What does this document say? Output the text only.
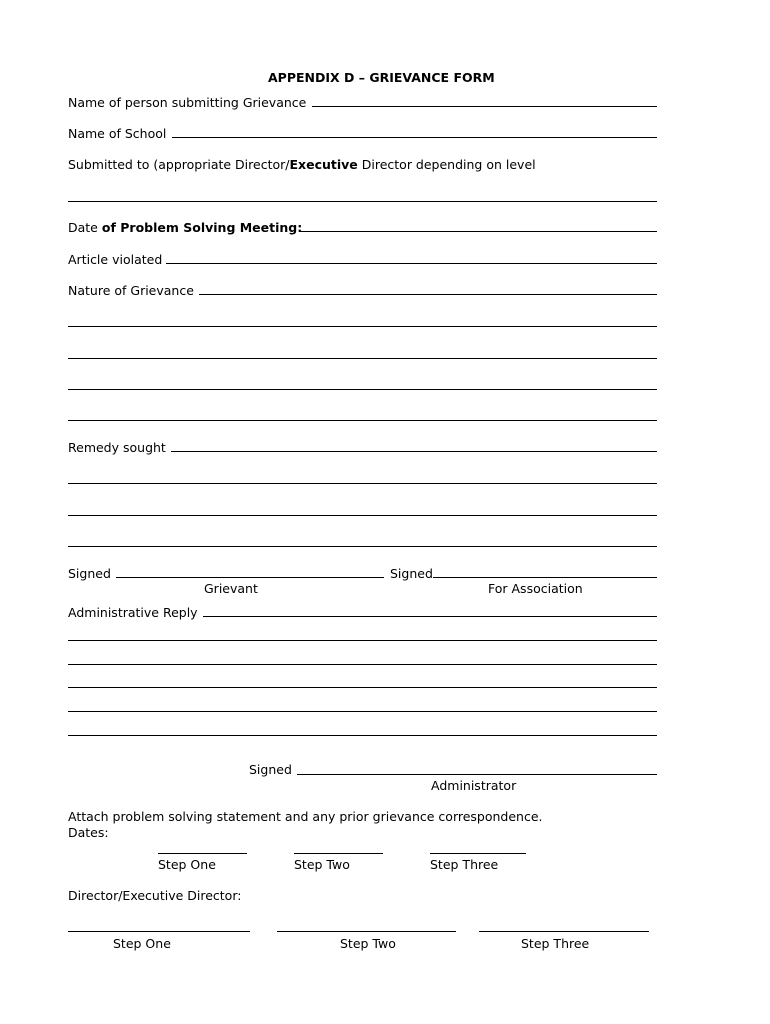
APPENDIX D – GRIEVANCE FORM
Name of person submitting Grievance
Name of School
Submitted to (appropriate Director/Executive Director depending on level
Date of Problem Solving Meeting:
Article violated
Nature of Grievance
Remedy sought
Signed	Signed
Grievant	For Association
Administrative Reply
Signed
Administrator
Attach problem solving statement and any prior grievance correspondence.
Dates:
Step One	Step Two	Step Three
Director/Executive Director:
Step One	Step Two	Step Three
